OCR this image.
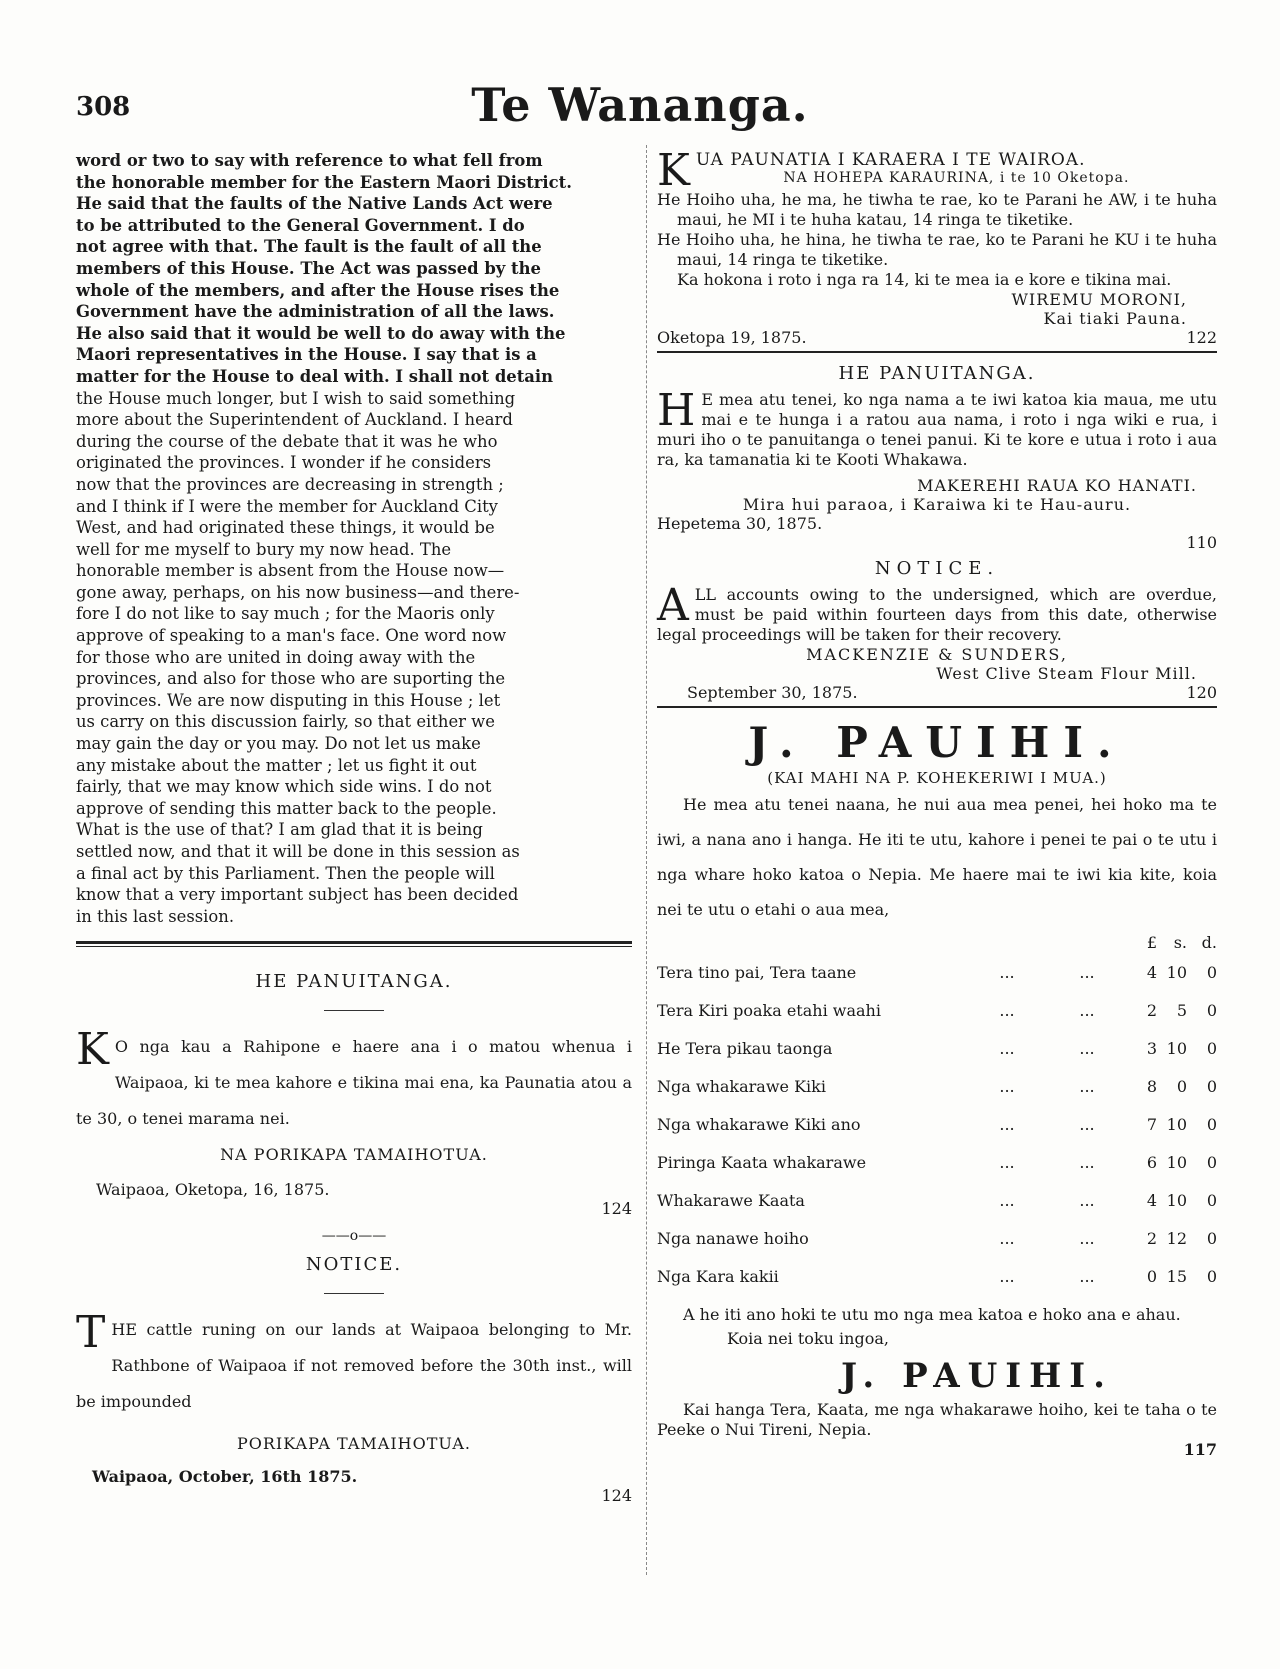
308	Te Wananga.

word or two to say with reference to what fell from

the honorable member for the Eastern Maori District.

He said that the faults of the Native Lands Act were

to be attributed to the General Government. I do

not agree with that. The fault is the fault of all the

members of this House. The Act was passed by the

whole of the members, and after the House rises the

Government have the administration of all the laws.

He also said that it would be well to do away with the

Maori representatives in the House. I say that is a

matter for the House to deal with. I shall not detain

the House much longer, but I wish to said something

more about the Superintendent of Auckland. I heard

during the course of the debate that it was he who

originated the provinces. I wonder if he considers

now that the provinces are decreasing in strength ;

and I think if I were the member for Auckland City

West, and had originated these things, it would be

well for me myself to bury my now head. The

honorable member is absent from the House now—

gone away, perhaps, on his now business—and there-

fore I do not like to say much ; for the Maoris only

approve of speaking to a man's face. One word now

for those who are united in doing away with the

provinces, and also for those who are suporting the

provinces. We are now disputing in this House ; let

us carry on this discussion fairly, so that either we

may gain the day or you may. Do not let us make

any mistake about the matter ; let us fight it out

fairly, that we may know which side wins. I do not

approve of sending this matter back to the people.

What is the use of that? I am glad that it is being

settled now, and that it will be done in this session as

a final act by this Parliament. Then the people will

know that a very important subject has been decided

in this last session.

HE PANUITANGA.

K O nga kau a Rahipone e haere ana i o matou whenua i Waipaoa, ki te mea kahore e tikina mai ena, ka Paunatia atou a te 30, o tenei marama nei.

NA PORIKAPA TAMAIHOTUA.
Waipaoa, Oketopa, 16, 1875.
124
——o——
NOTICE.

THE cattle runing on our lands at Waipaoa belonging to Mr. Rathbone of Waipaoa if not removed before the 30th inst., will be impounded

PORIKAPA TAMAIHOTUA.
Waipaoa, October, 16th 1875.
124

KUA PAUNATIA I KARAERA I TE WAIROA.

NA HOHEPA KARAURINA, i te 10 Oketopa.

He Hoiho uha, he ma, he tiwha te rae, ko te Parani he AW, i te huha maui, he MI i te huha katau, 14 ringa te tiketike.

He Hoiho uha, he hina, he tiwha te rae, ko te Parani he KU i te huha maui, 14 ringa te tiketike.

Ka hokona i roto i nga ra 14, ki te mea ia e kore e tikina mai.

WIREMU MORONI,
Kai tiaki Pauna.
Oketopa 19, 1875.	122
HE PANUITANGA.

H E mea atu tenei, ko nga nama a te iwi katoa kia maua, me utu mai e te hunga i a ratou aua nama, i roto i nga wiki e rua, i muri iho o te panuitanga o tenei panui. Ki te kore e utua i roto i aua ra, ka tamanatia ki te Kooti Whakawa.

MAKEREHI RAUA KO HANATI.
Mira hui paraoa, i Karaiwa ki te Hau-auru.
Hepetema 30, 1875.
110
NOTICE.

ALL accounts owing to the undersigned, which are overdue, must be paid within fourteen days from this date, otherwise legal proceedings will be taken for their recovery.

MACKENZIE & SUNDERS,
West Clive Steam Flour Mill.
September 30, 1875.	120
J. PAUIHI.
(KAI MAHI NA P. KOHEKERIWI I MUA.)

He mea atu tenei naana, he nui aua mea penei, hei hoko ma te iwi, a nana ano i hanga. He iti te utu, kahore i penei te pai o te utu i nga whare hoko katoa o Nepia. Me haere mai te iwi kia kite, koia nei te utu o etahi o aua mea,

			£	s.	d.
Tera tino pai, Tera taane	...	...	4	10	0
Tera Kiri poaka etahi waahi	...	...	2	5	0
He Tera pikau taonga	...	...	3	10	0
Nga whakarawe Kiki	...	...	8	0	0
Nga whakarawe Kiki ano	...	...	7	10	0
Piringa Kaata whakarawe	...	...	6	10	0
Whakarawe Kaata	...	...	4	10	0
Nga nanawe hoiho	...	...	2	12	0
Nga Kara kakii	...	...	0	15	0

A he iti ano hoki te utu mo nga mea katoa e hoko ana e ahau.

Koia nei toku ingoa,
J. PAUIHI.

Kai hanga Tera, Kaata, me nga whakarawe hoiho, kei te taha o te Peeke o Nui Tireni, Nepia.

117
